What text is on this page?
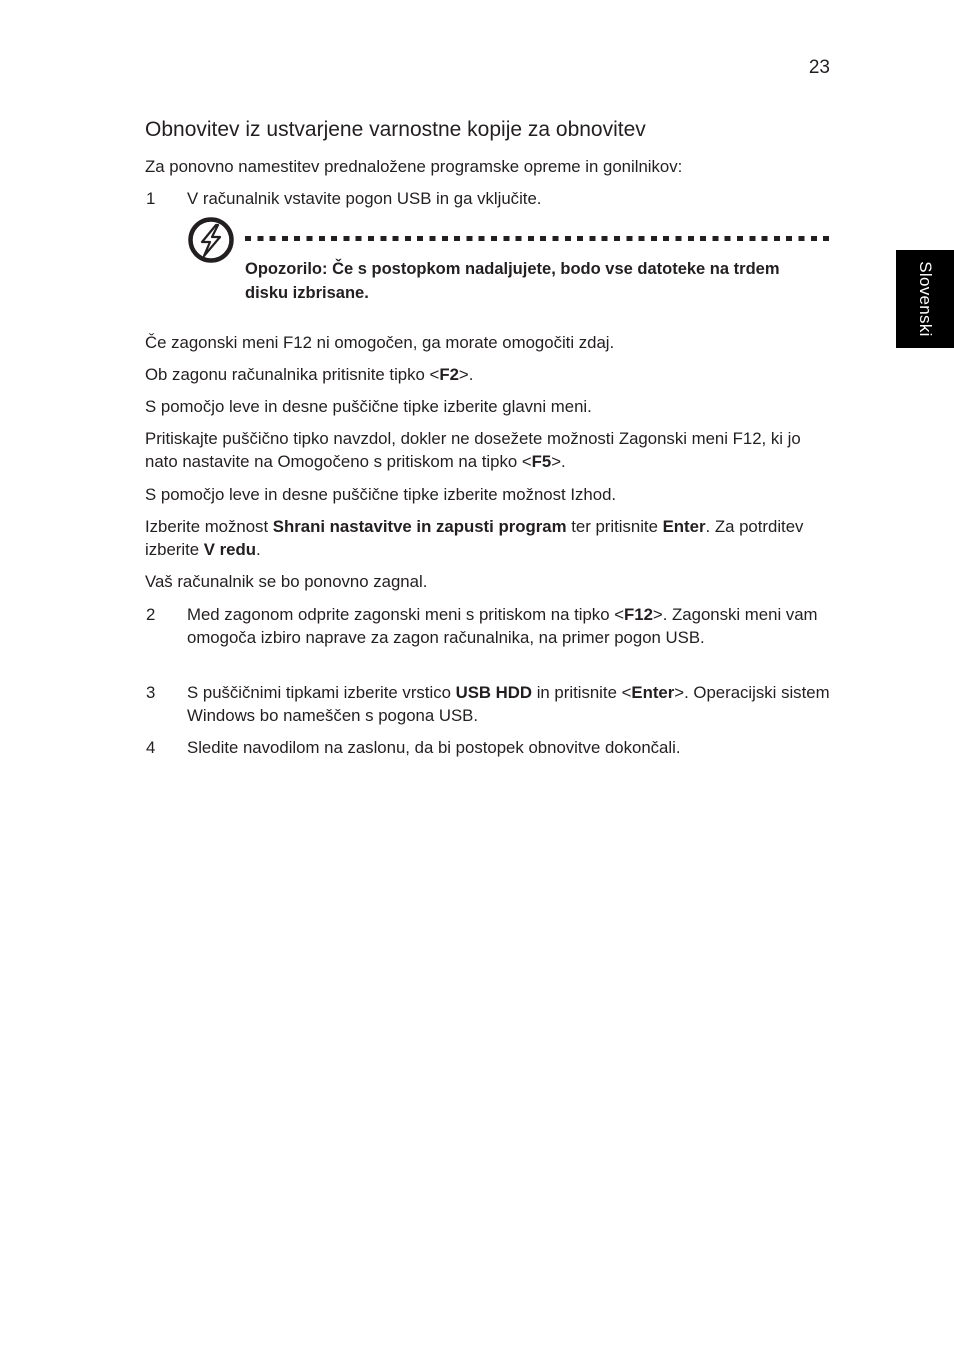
23
Slovenski
Obnovitev iz ustvarjene varnostne kopije za obnovitev
Za ponovno namestitev prednaložene programske opreme in gonilnikov:
1 V računalnik vstavite pogon USB in ga vključite.
Opozorilo: Če s postopkom nadaljujete, bodo vse datoteke na trdem disku izbrisane.
Če zagonski meni F12 ni omogočen, ga morate omogočiti zdaj.
Ob zagonu računalnika pritisnite tipko <F2>.
S pomočjo leve in desne puščične tipke izberite glavni meni.
Pritiskajte puščično tipko navzdol, dokler ne dosežete možnosti Zagonski meni F12, ki jo nato nastavite na Omogočeno s pritiskom na tipko <F5>.
S pomočjo leve in desne puščične tipke izberite možnost Izhod.
Izberite možnost Shrani nastavitve in zapusti program ter pritisnite Enter. Za potrditev izberite V redu.
Vaš računalnik se bo ponovno zagnal.
2 Med zagonom odprite zagonski meni s pritiskom na tipko <F12>. Zagonski meni vam omogoča izbiro naprave za zagon računalnika, na primer pogon USB.
3 S puščičnimi tipkami izberite vrstico USB HDD in pritisnite <Enter>. Operacijski sistem Windows bo nameščen s pogona USB.
4 Sledite navodilom na zaslonu, da bi postopek obnovitve dokončali.
